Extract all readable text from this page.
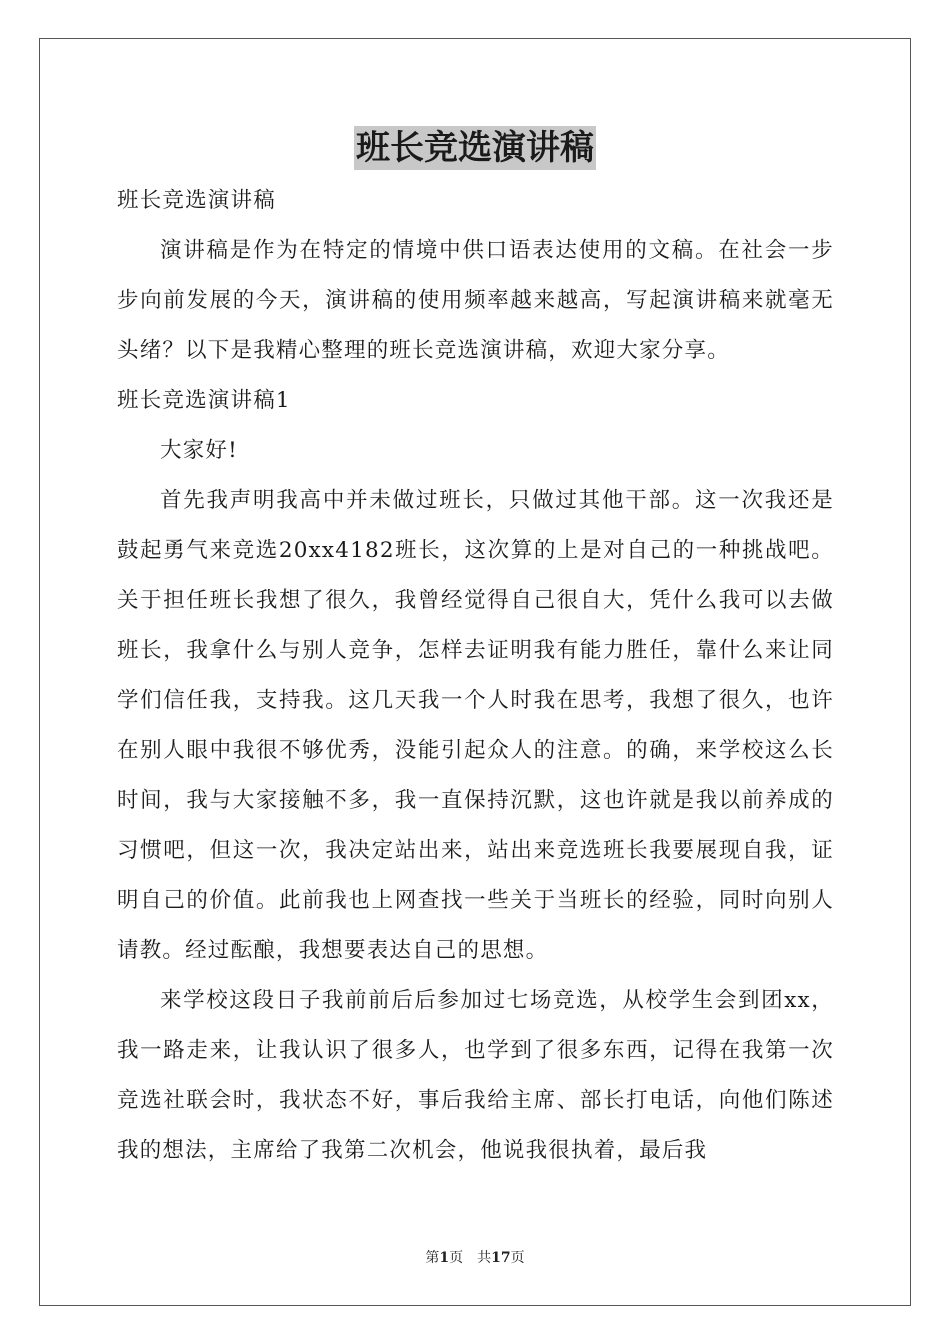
班长竞选演讲稿

班长竞选演讲稿

演讲稿是作为在特定的情境中供口语表达使用的文稿。在社会一步步向前发展的今天，演讲稿的使用频率越来越高，写起演讲稿来就毫无头绪？以下是我精心整理的班长竞选演讲稿，欢迎大家分享。

班长竞选演讲稿1

大家好!

首先我声明我高中并未做过班长，只做过其他干部。这一次我还是鼓起勇气来竞选20xx4182班长，这次算的上是对自己的一种挑战吧。关于担任班长我想了很久，我曾经觉得自己很自大，凭什么我可以去做班长，我拿什么与别人竞争，怎样去证明我有能力胜任，靠什么来让同学们信任我，支持我。这几天我一个人时我在思考，我想了很久，也许在别人眼中我很不够优秀，没能引起众人的注意。的确，来学校这么长时间，我与大家接触不多，我一直保持沉默，这也许就是我以前养成的习惯吧，但这一次，我决定站出来，站出来竞选班长我要展现自我，证明自己的价值。此前我也上网查找一些关于当班长的经验，同时向别人请教。经过酝酿，我想要表达自己的思想。

来学校这段日子我前前后后参加过七场竞选，从校学生会到团xx，我一路走来，让我认识了很多人，也学到了很多东西，记得在我第一次竞选社联会时，我状态不好，事后我给主席、部长打电话，向他们陈述我的想法，主席给了我第二次机会，他说我很执着，最后我

第1页 共17页
